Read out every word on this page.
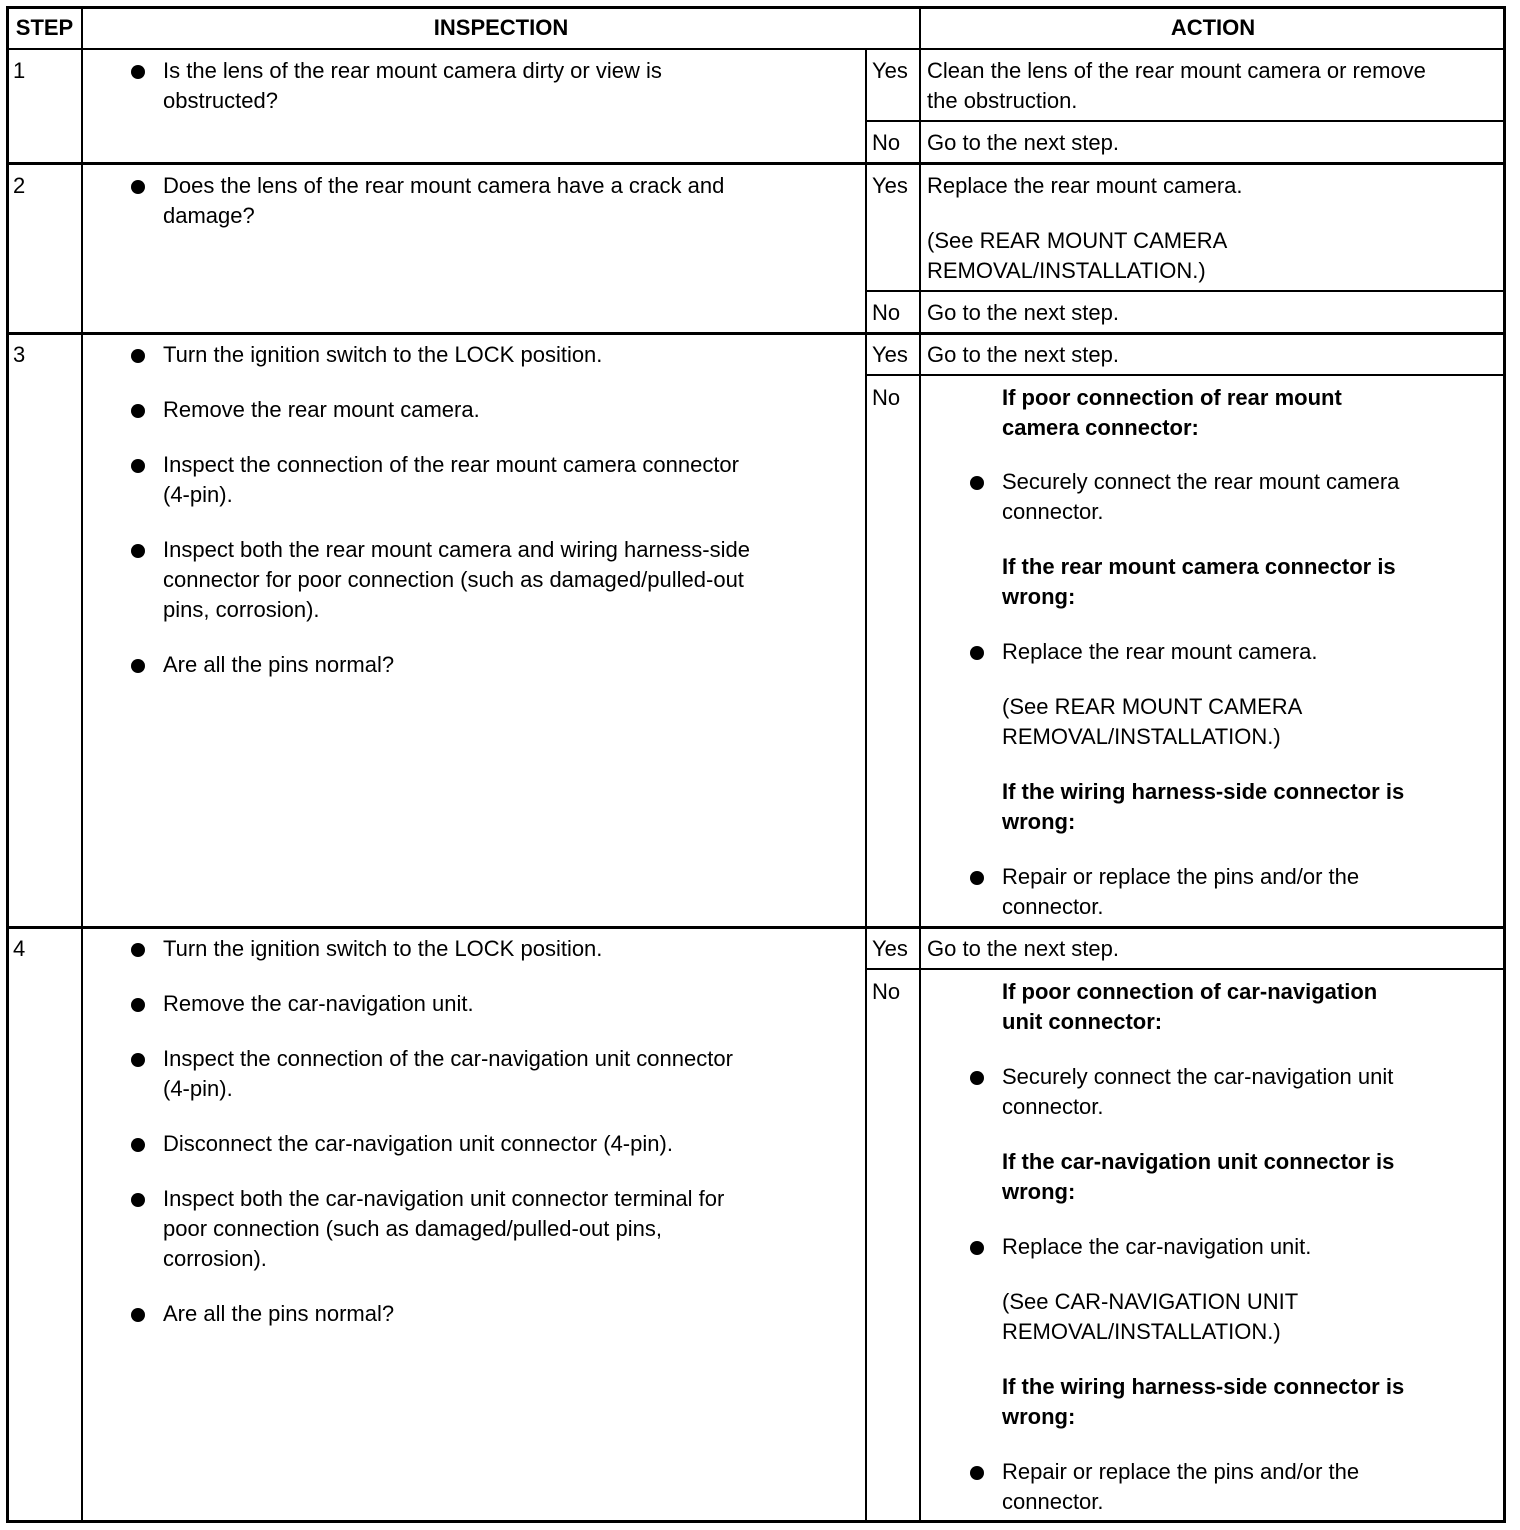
STEP	INSPECTION	ACTION
1	Is the lens of the rear mount camera dirty or view is
obstructed?
Yes Clean the lens of the rear mount camera or remove
the obstruction.
No Go to the next step.
2	Does the lens of the rear mount camera have a crack and
damage?
Yes Replace the rear mount camera.
(See REAR MOUNT CAMERA
REMOVAL/INSTALLATION.)
No Go to the next step.
3	Turn the ignition switch to the LOCK position.
Remove the rear mount camera.
Inspect the connection of the rear mount camera connector
(4-pin).
Inspect both the rear mount camera and wiring harness-side
connector for poor connection (such as damaged/pulled-out
pins, corrosion).
Are all the pins normal?
Yes Go to the next step.
No	If poor connection of rear mount
camera connector:
Securely connect the rear mount camera
connector.
If the rear mount camera connector is
wrong:
Replace the rear mount camera.
(See REAR MOUNT CAMERA
REMOVAL/INSTALLATION.)
If the wiring harness-side connector is
wrong:
Repair or replace the pins and/or the
connector.
4	Turn the ignition switch to the LOCK position.
Remove the car-navigation unit.
Inspect the connection of the car-navigation unit connector
(4-pin).
Disconnect the car-navigation unit connector (4-pin).
Inspect both the car-navigation unit connector terminal for
poor connection (such as damaged/pulled-out pins,
corrosion).
Are all the pins normal?
Yes Go to the next step.
No	If poor connection of car-navigation
unit connector:
Securely connect the car-navigation unit
connector.
If the car-navigation unit connector is
wrong:
Replace the car-navigation unit.
(See CAR-NAVIGATION UNIT
REMOVAL/INSTALLATION.)
If the wiring harness-side connector is
wrong:
Repair or replace the pins and/or the
connector.
